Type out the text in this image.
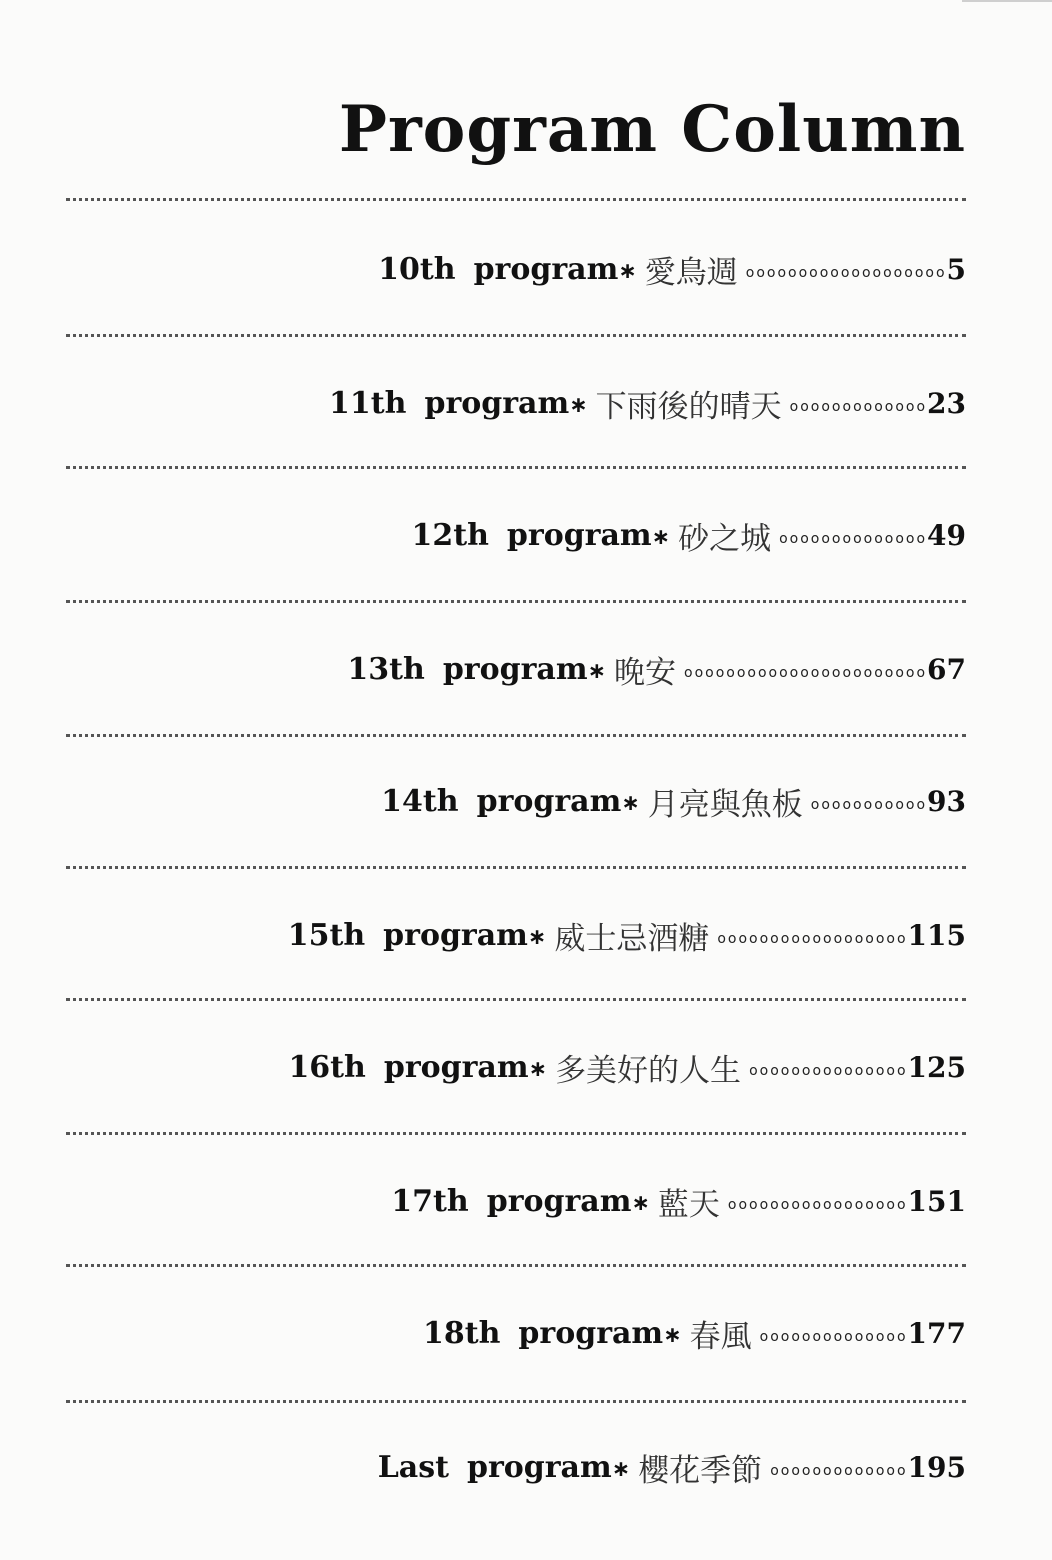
Program Column
10th program ∗ 愛鳥週 ooooooooooooooooooo 5
11th program ∗ 下雨後的晴天 ooooooooooooo 23
12th program ∗ 砂之城 oooooooooooooo 49
13th program ∗ 晚安 ooooooooooooooooooooooo 67
14th program ∗ 月亮與魚板 ooooooooooo 93
15th program ∗ 威士忌酒糖 oooooooooooooooooo 115
16th program ∗ 多美好的人生 ooooooooooooooo 125
17th program ∗ 藍天 ooooooooooooooooo 151
18th program ∗ 春風 oooooooooooooo 177
Last program ∗ 櫻花季節 ooooooooooooo 195
